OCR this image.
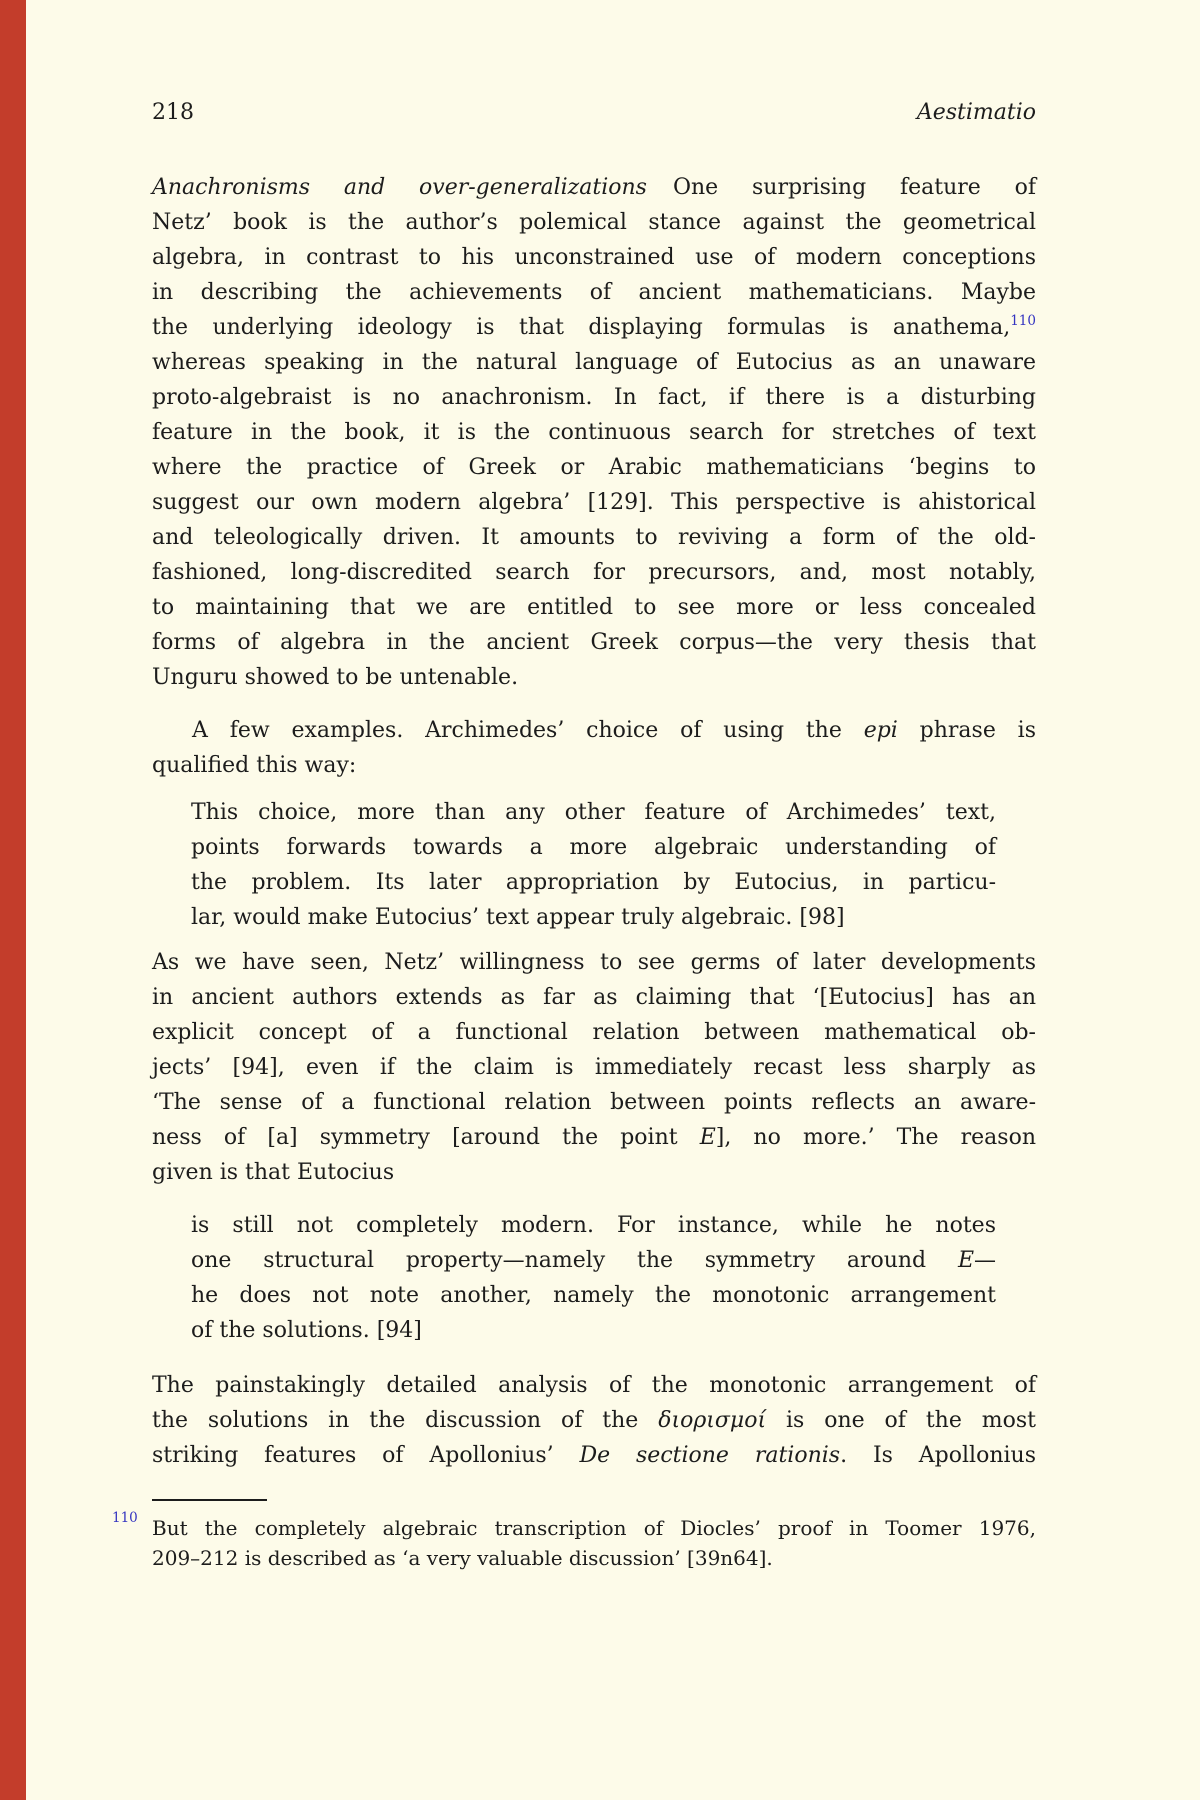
218	Aestimatio
Anachronisms and over-generalizations One surprising feature of
Netz’ book is the author’s polemical stance against the geometrical
algebra, in contrast to his unconstrained use of modern conceptions
in describing the achievements of ancient mathematicians. Maybe
the underlying ideology is that displaying formulas is anathema,$^{110}$
whereas speaking in the natural language of Eutocius as an unaware
proto-algebraist is no anachronism. In fact, if there is a disturbing
feature in the book, it is the continuous search for stretches of text
where the practice of Greek or Arabic mathematicians ‘begins to
suggest our own modern algebra’ [129]. This perspective is ahistorical
and teleologically driven. It amounts to reviving a form of the old-
fashioned, long-discredited search for precursors, and, most notably,
to maintaining that we are entitled to see more or less concealed
forms of algebra in the ancient Greek corpus—the very thesis that
Unguru showed to be untenable.
A few examples. Archimedes’ choice of using the epi phrase is
qualified this way:
This choice, more than any other feature of Archimedes’ text,
points forwards towards a more algebraic understanding of
the problem. Its later appropriation by Eutocius, in particu-
lar, would make Eutocius’ text appear truly algebraic. [98]
As we have seen, Netz’ willingness to see germs of later developments
in ancient authors extends as far as claiming that ‘[Eutocius] has an
explicit concept of a functional relation between mathematical ob-
jects’ [94], even if the claim is immediately recast less sharply as
‘The sense of a functional relation between points reflects an aware-
ness of [a] symmetry [around the point E], no more.’ The reason
given is that Eutocius
is still not completely modern. For instance, while he notes
one structural property—namely the symmetry around E—
he does not note another, namely the monotonic arrangement
of the solutions. [94]
The painstakingly detailed analysis of the monotonic arrangement of
the solutions in the discussion of the διορισμοί is one of the most
striking features of Apollonius’ De sectione rationis. Is Apollonius
110 But the completely algebraic transcription of Diocles’ proof in Toomer 1976,
209–212 is described as ‘a very valuable discussion’ [39n64].
